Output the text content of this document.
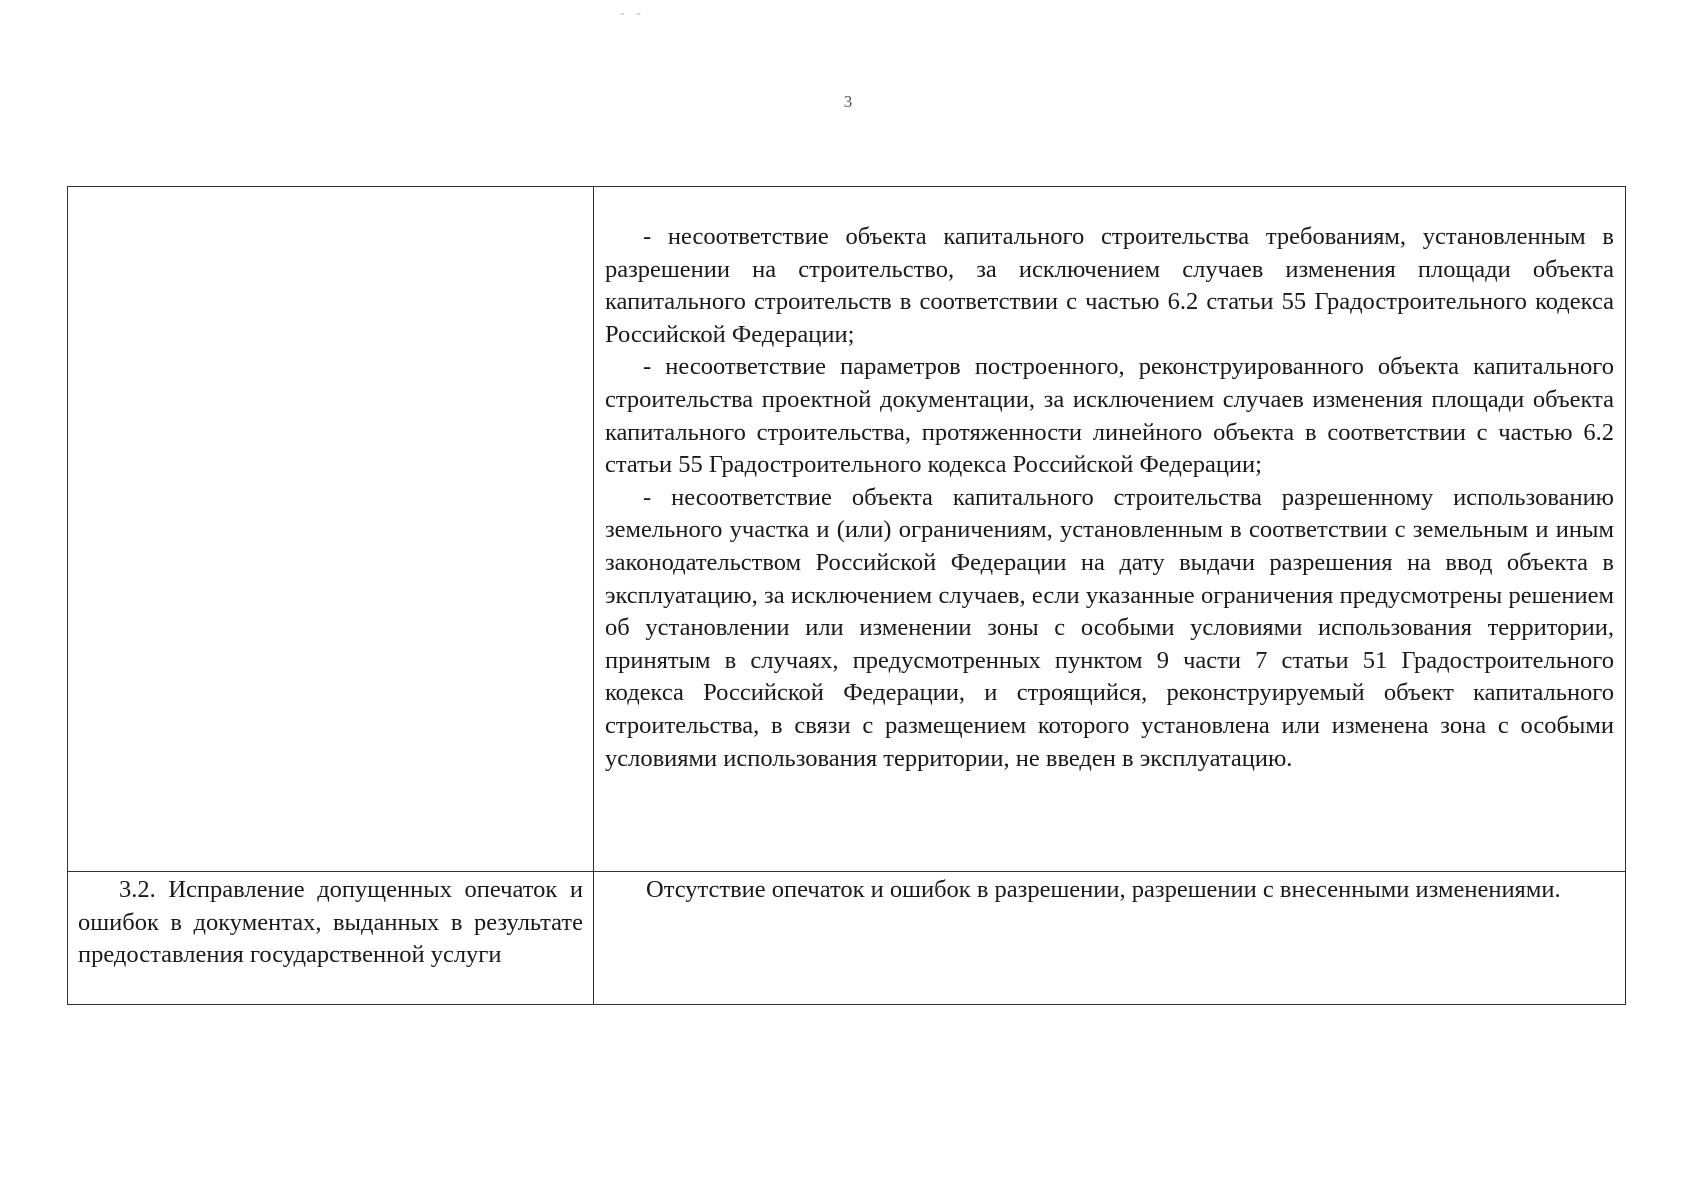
- -
3

	- несоответствие объекта капитального строительства требованиям, установленным в разрешении на строительство, за исключением случаев изменения площади объекта капитального строительств в соответствии с частью 6.2 статьи 55 Градостроительного кодекса Российской Федерации;

- несоответствие параметров построенного, реконструированного объекта капитального строительства проектной документации, за исключением случаев изменения площади объекта капитального строительства, протяженности линейного объекта в соответствии с частью 6.2 статьи 55 Градостроительного кодекса Российской Федерации;

- несоответствие объекта капитального строительства разрешенному использованию земельного участка и (или) ограничениям, установленным в соответствии с земельным и иным законодательством Российской Федерации на дату выдачи разрешения на ввод объекта в эксплуатацию, за исключением случаев, если указанные ограничения предусмотрены решением об установлении или изменении зоны с особыми условиями использования территории, принятым в случаях, предусмотренных пунктом 9 части 7 статьи 51 Градостроительного кодекса Российской Федерации, и строящийся, реконструируемый объект капитального строительства, в связи с размещением которого установлена или изменена зона с особыми условиями использования территории, не введен в эксплуатацию.

3.2. Исправление допущенных опечаток и ошибок в документах, выданных в результате предоставления государственной услуги	Отсутствие опечаток и ошибок в разрешении, разрешении с внесенными изменениями.
